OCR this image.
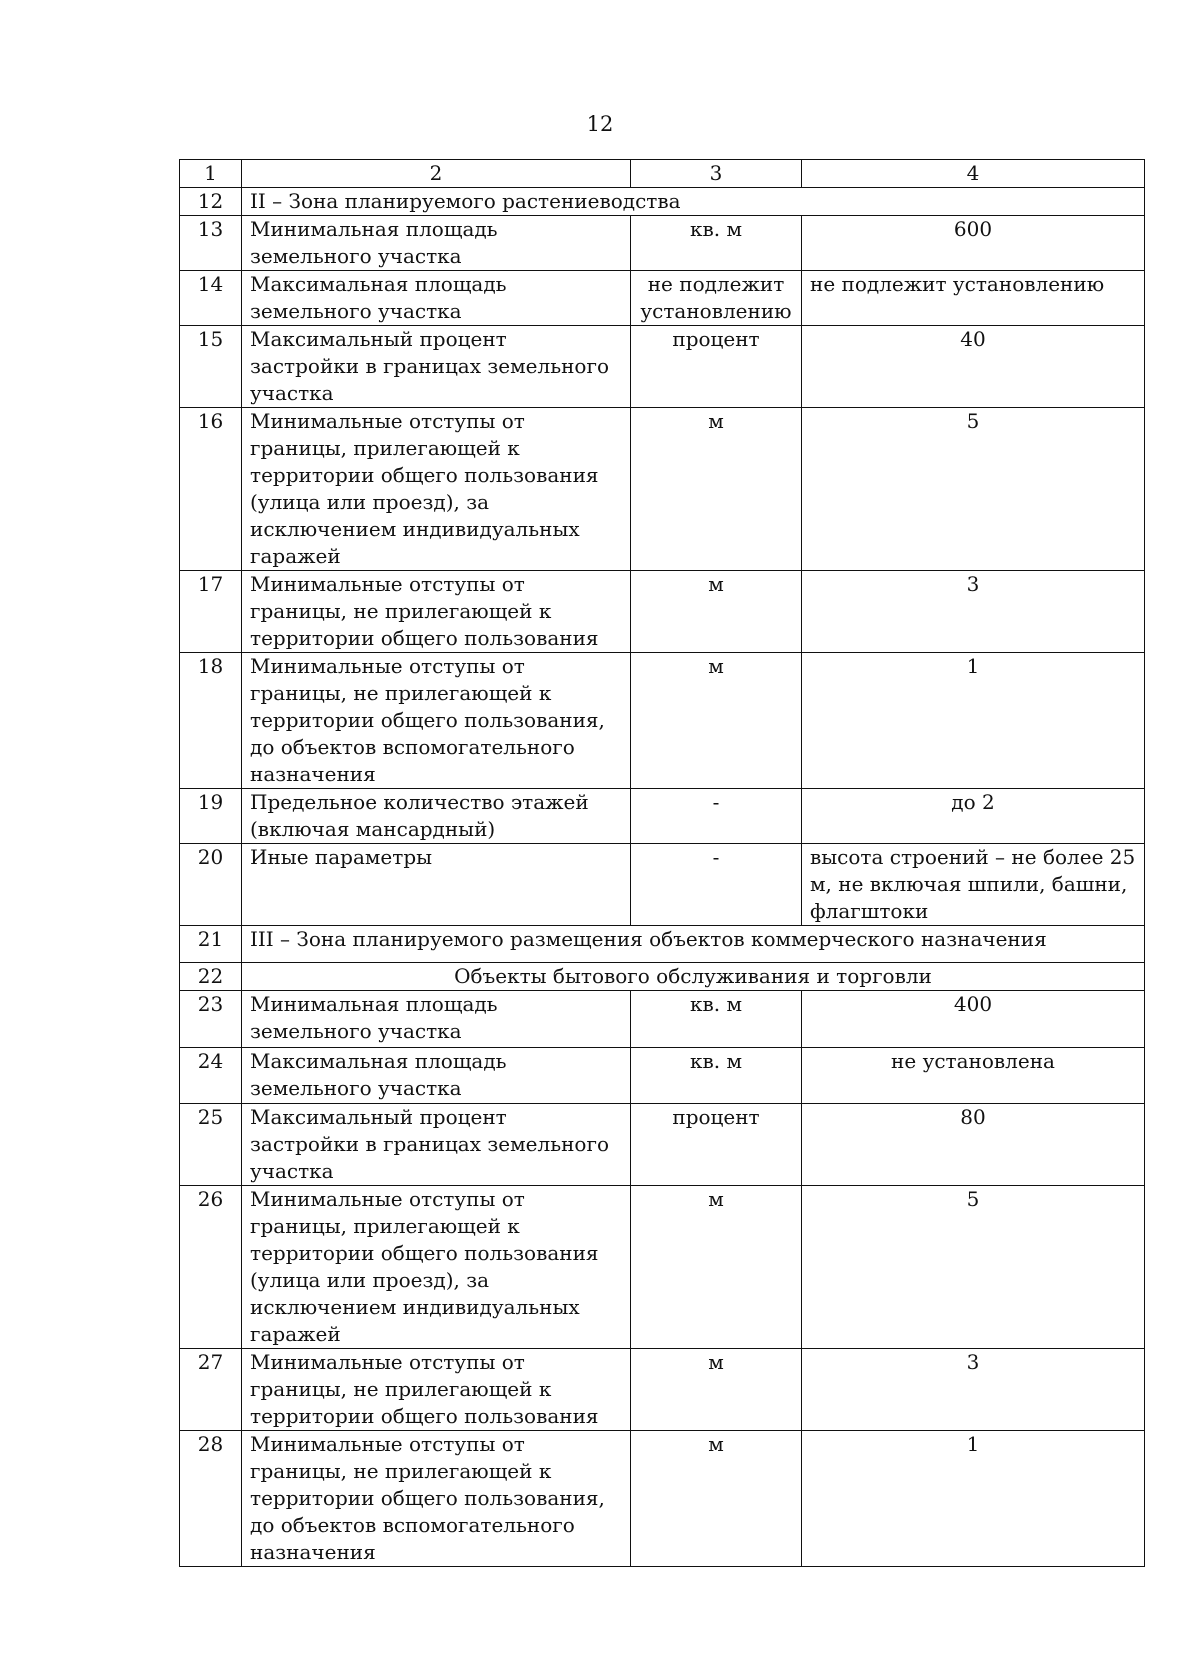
12
1	2	3	4
12	II – Зона планируемого растениеводства		
13	Минимальная площадь земельного участка	кв. м	600
14	Максимальная площадь земельного участка	не подлежит установлению	не подлежит установлению
15	Максимальный процент застройки в границах земельного участка	процент	40
16	Минимальные отступы от границы, прилегающей к территории общего пользования (улица или проезд), за исключением индивидуальных гаражей	м	5
17	Минимальные отступы от границы, не прилегающей к территории общего пользования	м	3
18	Минимальные отступы от границы, не прилегающей к территории общего пользования, до объектов вспомогательного назначения	м	1
19	Предельное количество этажей (включая мансардный)	-	до 2
20	Иные параметры	-	высота строений – не более 25 м, не включая шпили, башни, флагштоки
21	III – Зона планируемого размещения объектов коммерческого назначения		
22	Объекты бытового обслуживания и торговли		
23	Минимальная площадь земельного участка	кв. м	400
24	Максимальная площадь земельного участка	кв. м	не установлена
25	Максимальный процент застройки в границах земельного участка	процент	80
26	Минимальные отступы от границы, прилегающей к территории общего пользования (улица или проезд), за исключением индивидуальных гаражей	м	5
27	Минимальные отступы от границы, не прилегающей к территории общего пользования	м	3
28	Минимальные отступы от границы, не прилегающей к территории общего пользования, до объектов вспомогательного назначения	м	1
